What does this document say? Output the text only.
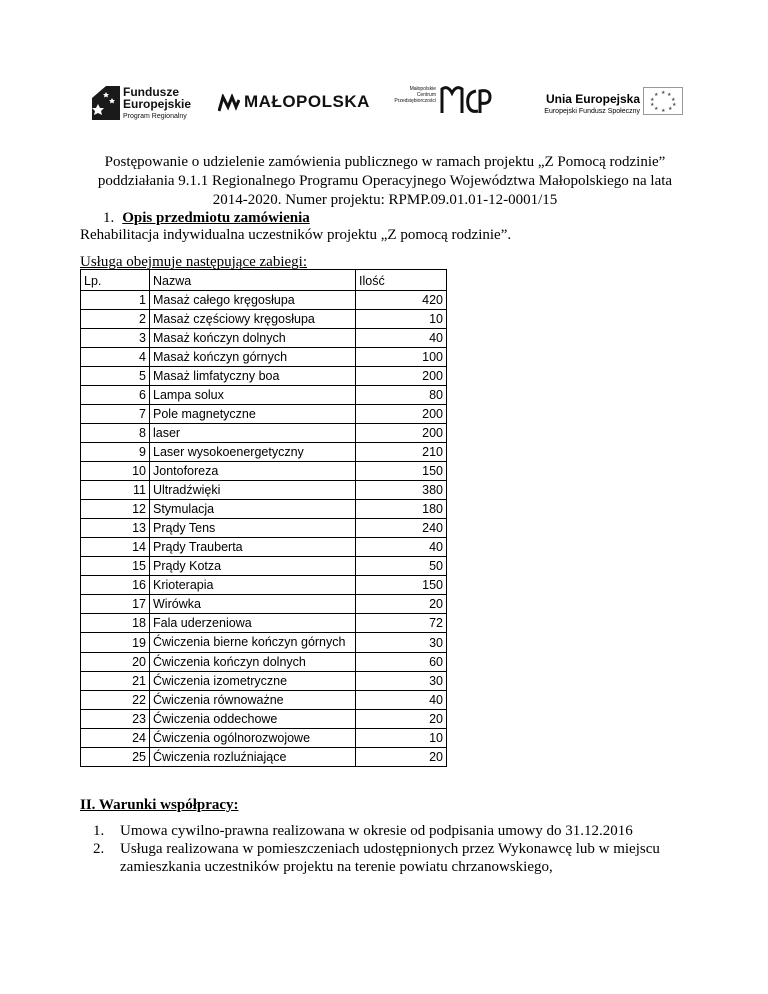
Fundusze
Europejskie
Program Regionalny
MAŁOPOLSKA
Małopolskie
Centrum
Przedsiębiorczości	Unia Europejska
Europejski Fundusz Społeczny
★ ★
★
★
★
★
★
★
★
★
Postępowanie o udzielenie zamówienia publicznego w ramach projektu „Z Pomocą rodzinie” poddziałania 9.1.1 Regionalnego Programu Operacyjnego Województwa Małopolskiego na lata 2014-2020. Numer projektu: RPMP.09.01.01-12-0001/15
1. Opis przedmiotu zamówienia
Rehabilitacja indywidualna uczestników projektu „Z pomocą rodzinie”.
Usługa obejmuje następujące zabiegi:
Lp.	Nazwa	Ilość
1	Masaż całego kręgosłupa	420
2	Masaż częściowy kręgosłupa	10
3	Masaż kończyn dolnych	40
4	Masaż kończyn górnych	100
5	Masaż limfatyczny boa	200
6	Lampa solux	80
7	Pole magnetyczne	200
8	laser	200
9	Laser wysokoenergetyczny	210
10	Jontoforeza	150
11	Ultradźwięki	380
12	Stymulacja	180
13	Prądy Tens	240
14	Prądy Trauberta	40
15	Prądy Kotza	50
16	Krioterapia	150
17	Wirówka	20
18	Fala uderzeniowa	72
19	Ćwiczenia bierne kończyn górnych	30
20	Ćwiczenia kończyn dolnych	60
21	Ćwiczenia izometryczne	30
22	Ćwiczenia równoważne	40
23	Ćwiczenia oddechowe	20
24	Ćwiczenia ogólnorozwojowe	10
25	Ćwiczenia rozluźniające	20
II. Warunki współpracy:
1. Umowa cywilno-prawna realizowana w okresie od podpisania umowy do 31.12.2016
2. Usługa realizowana w pomieszczeniach udostępnionych przez Wykonawcę lub w miejscu zamieszkania uczestników projektu na terenie powiatu chrzanowskiego,
